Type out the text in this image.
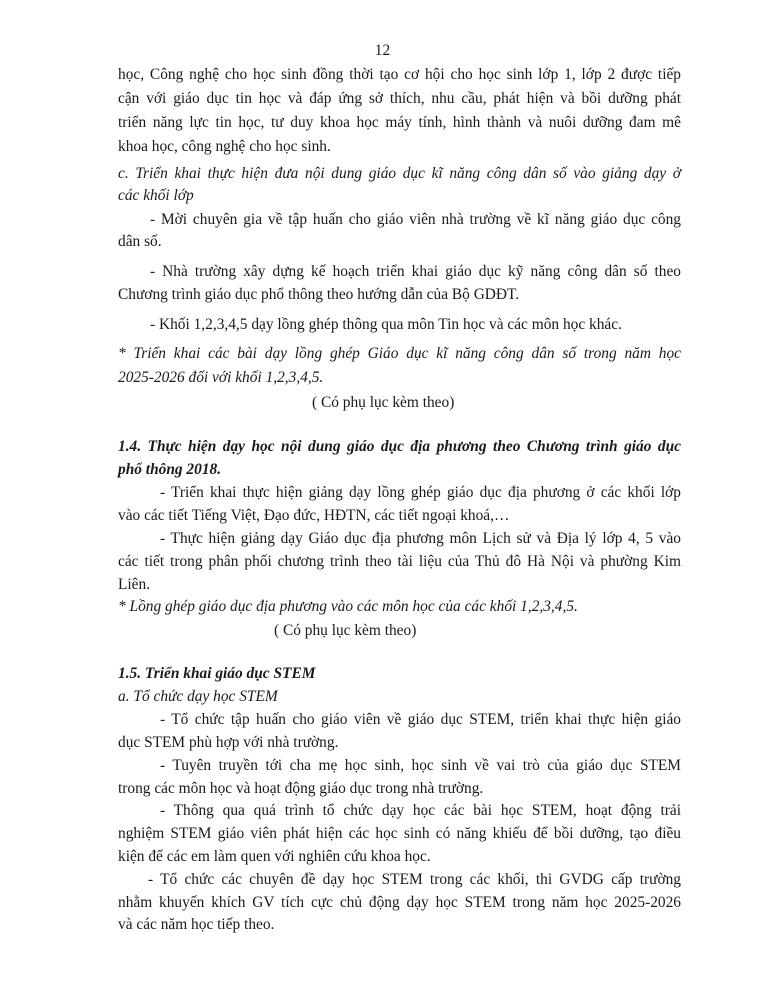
12
học, Công nghệ cho học sinh đồng thời tạo cơ hội cho học sinh lớp 1, lớp 2 được tiếp
cận với giáo dục tin học và đáp ứng sở thích, nhu cầu, phát hiện và bồi dưỡng phát
triển năng lực tin học, tư duy khoa học máy tính, hình thành và nuôi dưỡng đam mê
khoa học, công nghệ cho học sinh.
c. Triển khai thực hiện đưa nội dung giáo dục kĩ năng công dân số vào giảng dạy ở
các khối lớp
- Mời chuyên gia về tập huấn cho giáo viên nhà trường về kĩ năng giáo dục công
dân số.
- Nhà trường xây dựng kế hoạch triển khai giáo dục kỹ năng công dân số theo
Chương trình giáo dục phổ thông theo hướng dẫn của Bộ GDĐT.
- Khối 1,2,3,4,5 dạy lồng ghép thông qua môn Tin học và các môn học khác.
* Triển khai các bài dạy lồng ghép Giáo dục kĩ năng công dân số trong năm học
2025-2026 đối với khối 1,2,3,4,5.
( Có phụ lục kèm theo)
1.4. Thực hiện dạy học nội dung giáo dục địa phương theo Chương trình giáo dục
phổ thông 2018.
- Triển khai thực hiện giảng dạy lồng ghép giáo dục địa phương ở các khối lớp
vào các tiết Tiếng Việt, Đạo đức, HĐTN, các tiết ngoại khoá,…
- Thực hiện giảng dạy Giáo dục địa phương môn Lịch sử và Địa lý lớp 4, 5 vào
các tiết trong phân phối chương trình theo tài liệu của Thủ đô Hà Nội và phường Kim
Liên.
* Lồng ghép giáo dục địa phương vào các môn học của các khối 1,2,3,4,5.
( Có phụ lục kèm theo)
1.5. Triển khai giáo dục STEM
a. Tổ chức dạy học STEM
- Tổ chức tập huấn cho giáo viên về giáo dục STEM, triển khai thực hiện giáo
dục STEM phù hợp với nhà trường.
- Tuyên truyền tới cha mẹ học sinh, học sinh về vai trò của giáo dục STEM
trong các môn học và hoạt động giáo dục trong nhà trường.
- Thông qua quá trình tổ chức dạy học các bài học STEM, hoạt động trải
nghiệm STEM giáo viên phát hiện các học sinh có năng khiếu để bồi dưỡng, tạo điều
kiện để các em làm quen với nghiên cứu khoa học.
- Tổ chức các chuyên đề dạy học STEM trong các khối, thi GVDG cấp trường
nhằm khuyến khích GV tích cực chủ động dạy học STEM trong năm học 2025-2026
và các năm học tiếp theo.
